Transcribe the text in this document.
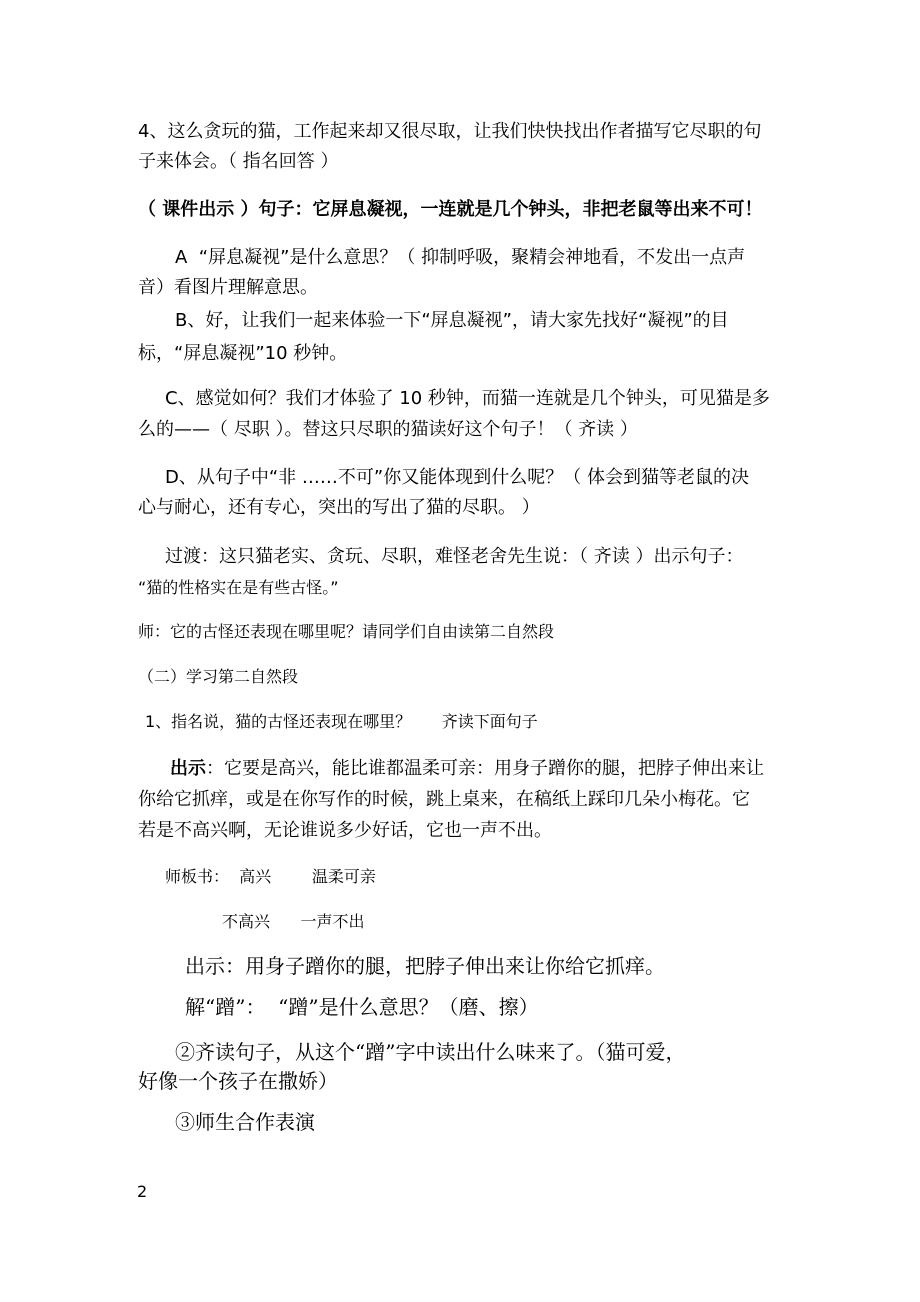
4、这么贪玩的猫，工作起来却又很尽取，让我们快快找出作者描写它尽职的句
子来体会。（ 指名回答 ）
（ 课件出示 ）句子：它屏息凝视，一连就是几个钟头，非把老鼠等出来不可！
A  “屏息凝视”是什么意思？（ 抑制呼吸，聚精会神地看，不发出一点声
音）看图片理解意思。
B、好，让我们一起来体验一下“屏息凝视”，请大家先找好“凝视”的目
标，“屏息凝视”10 秒钟。
C、感觉如何？我们才体验了 10 秒钟，而猫一连就是几个钟头，可见猫是多
么的——（ 尽职 ）。替这只尽职的猫读好这个句子！（ 齐读 ）
D、从句子中“非 ……不可”你又能体现到什么呢？（ 体会到猫等老鼠的决
心与耐心，还有专心，突出的写出了猫的尽职。 ）
过渡：这只猫老实、贪玩、尽职，难怪老舍先生说：（ 齐读 ）出示句子：
“猫的性格实在是有些古怪。”
师：它的古怪还表现在哪里呢？请同学们自由读第二自然段
（二）学习第二自然段
1、指名说，猫的古怪还表现在哪里？      齐读下面句子
出示：它要是高兴，能比谁都温柔可亲：用身子蹭你的腿，把脖子伸出来让
你给它抓痒，或是在你写作的时候，跳上桌来，在稿纸上踩印几朵小梅花。它
若是不高兴啊，无论谁说多少好话，它也一声不出。
师板书：  高兴        温柔可亲
不高兴      一声不出
出示：用身子蹭你的腿，把脖子伸出来让你给它抓痒。
解“蹭”：  “蹭”是什么意思？（磨、擦）
②齐读句子，从这个“蹭”字中读出什么味来了。（猫可爱，
好像一个孩子在撒娇）
③师生合作表演
2
